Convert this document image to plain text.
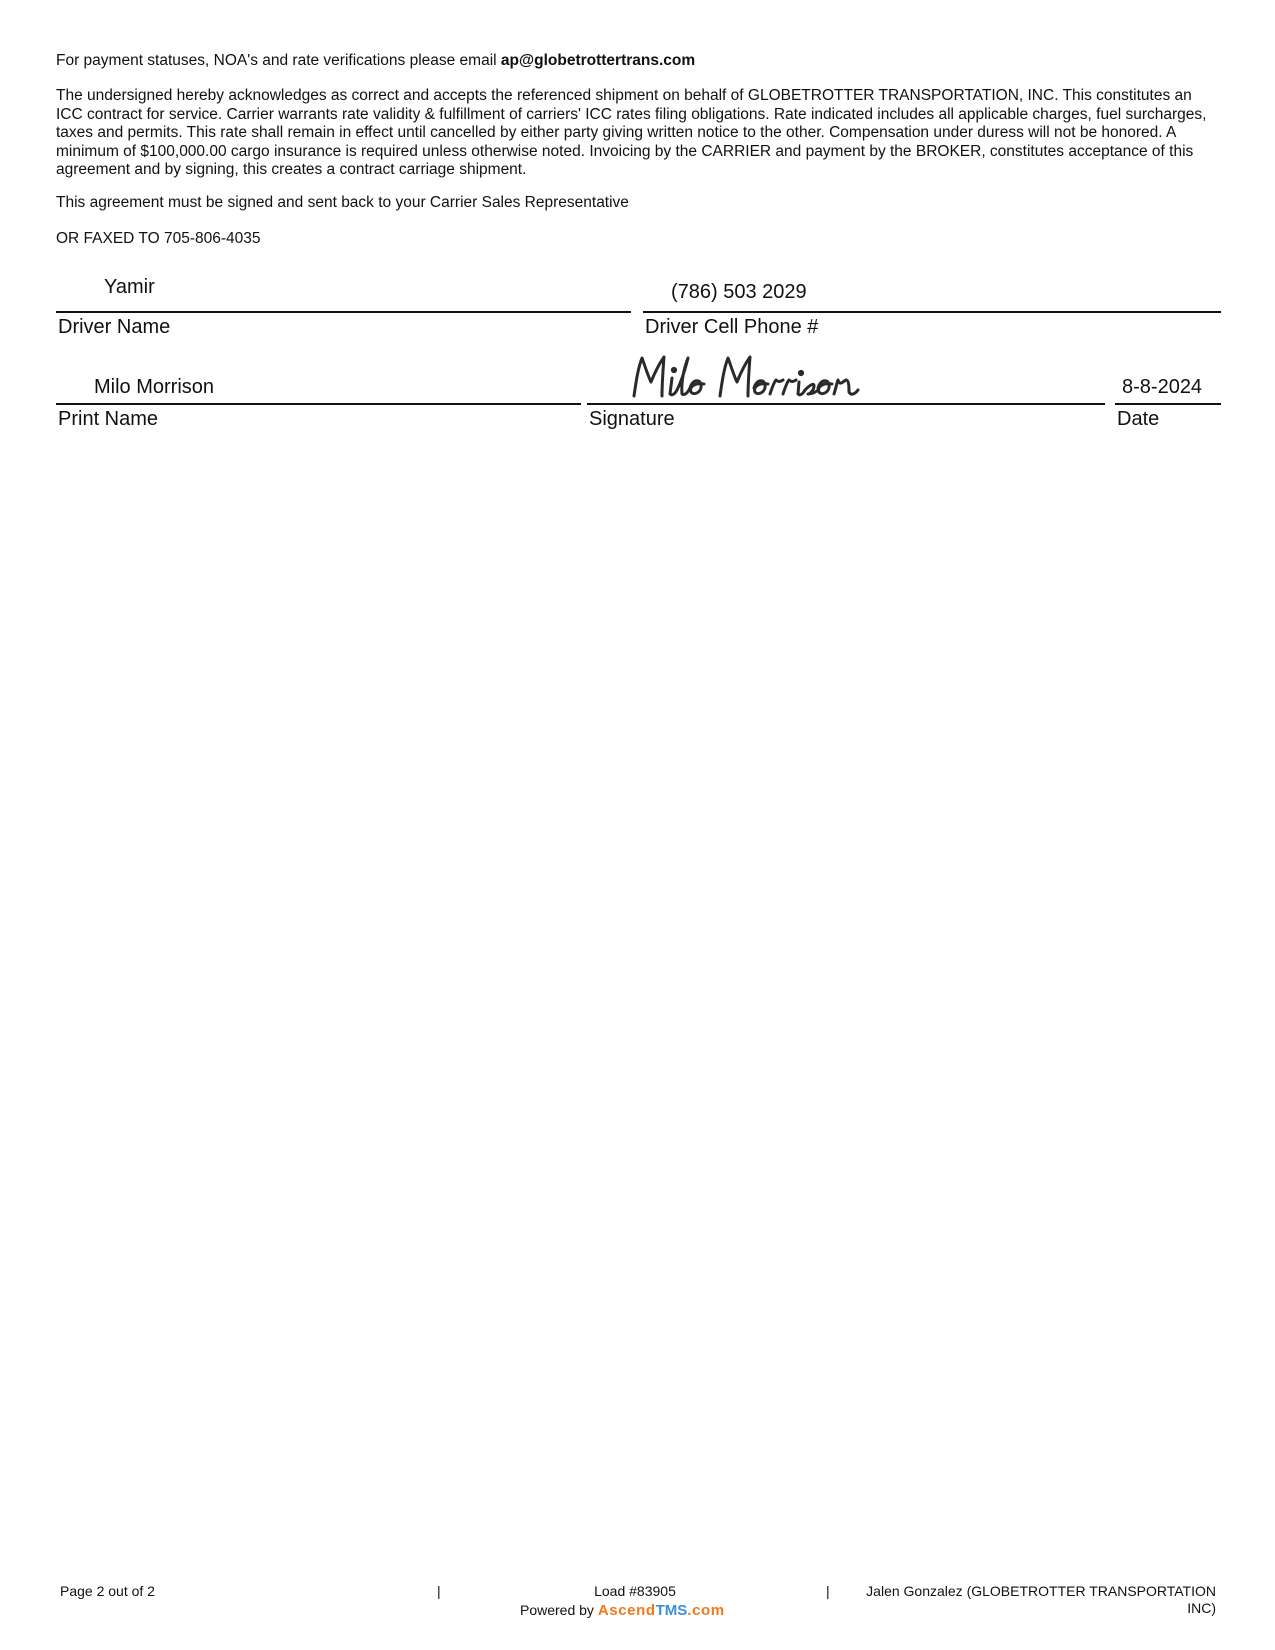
For payment statuses, NOA's and rate verifications please email ap@globetrottertrans.com

The undersigned hereby acknowledges as correct and accepts the referenced shipment on behalf of GLOBETROTTER TRANSPORTATION, INC. This constitutes an ICC contract for service. Carrier warrants rate validity & fulfillment of carriers' ICC rates filing obligations. Rate indicated includes all applicable charges, fuel surcharges, taxes and permits. This rate shall remain in effect until cancelled by either party giving written notice to the other. Compensation under duress will not be honored. A minimum of $100,000.00 cargo insurance is required unless otherwise noted. Invoicing by the CARRIER and payment by the BROKER, constitutes acceptance of this agreement and by signing, this creates a contract carriage shipment.

This agreement must be signed and sent back to your Carrier Sales Representative

OR FAXED TO 705-806-4035

Yamir
Driver Name
(786) 503 2029
Driver Cell Phone #
Milo Morrison
Print Name	Signature
8-8-2024
Date
Page 2 out of 2	|	Load #83905
Powered by AscendTMS.com
|	Jalen Gonzalez (GLOBETROTTER TRANSPORTATION INC)
